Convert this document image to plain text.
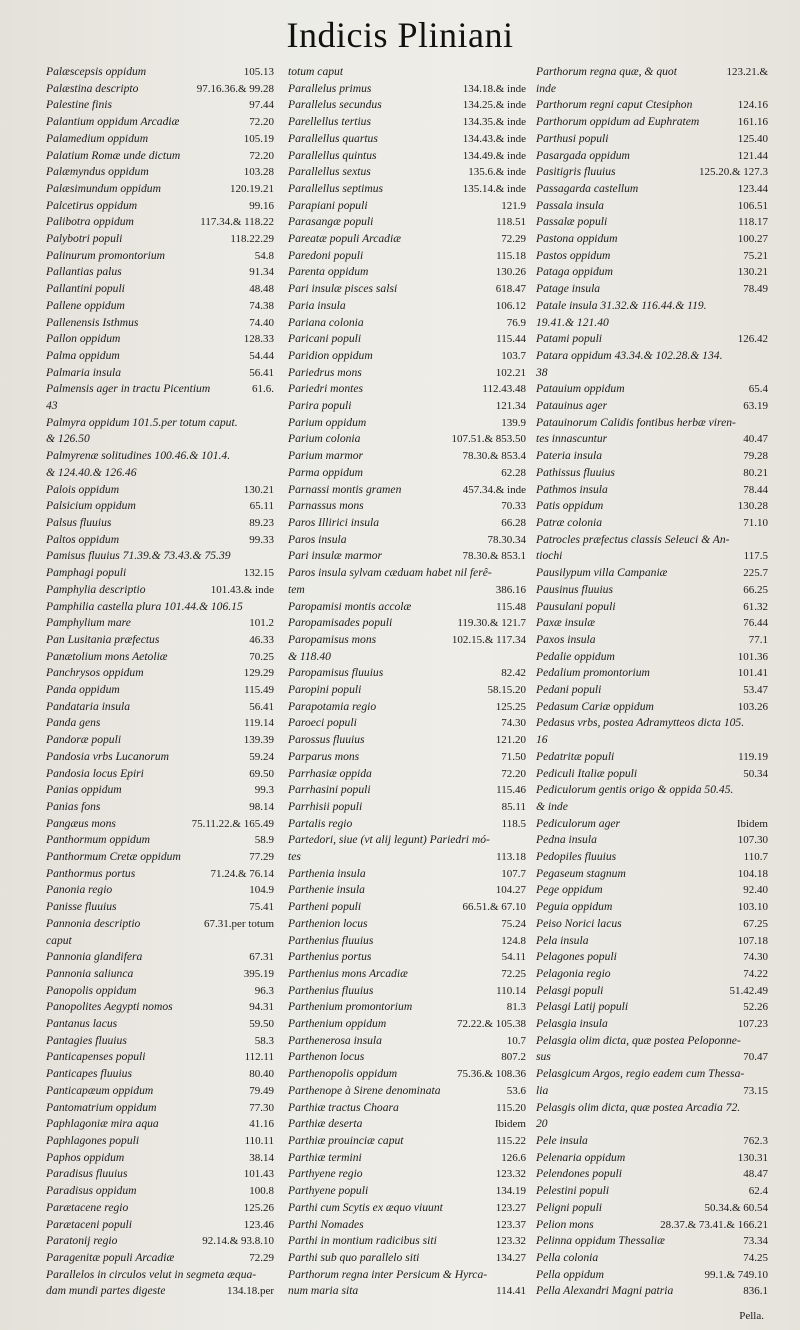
Indicis Pliniani
Palæscepsis oppidum	105.13
Palæstina descripto	97.16.36.& 99.28
Palestine finis	97.44
Palantium oppidum Arcadiæ	72.20
Palamedium oppidum	105.19
Palatium Romæ unde dictum	72.20
Palæmyndus oppidum	103.28
Palæsimundum oppidum	120.19.21
Palcetirus oppidum	99.16
Palibotra oppidum	117.34.& 118.22
Palybotri populi	118.22.29
Palinurum promontorium	54.8
Pallantias palus	91.34
Pallantini populi	48.48
Pallene oppidum	74.38
Pallenensis Isthmus	74.40
Pallon oppidum	128.33
Palma oppidum	54.44
Palmaria insula	56.41
Palmensis ager in tractu Picentium	61.6.
43
Palmyra oppidum 101.5.per totum caput.
& 126.50
Palmyrenæ solitudines 100.46.& 101.4.
& 124.40.& 126.46
Palois oppidum	130.21
Palsicium oppidum	65.11
Palsus fluuius	89.23
Paltos oppidum	99.33
Pamisus fluuius 71.39.& 73.43.& 75.39
Pamphagi populi	132.15
Pamphylia descriptio	101.43.& inde
Pamphilia castella plura 101.44.& 106.15
Pamphylium mare	101.2
Pan Lusitania præfectus	46.33
Panætolium mons Aetoliæ	70.25
Panchrysos oppidum	129.29
Panda oppidum	115.49
Pandataria insula	56.41
Panda gens	119.14
Pandoræ populi	139.39
Pandosia vrbs Lucanorum	59.24
Pandosia locus Epiri	69.50
Panias oppidum	99.3
Panias fons	98.14
Pangæus mons	75.11.22.& 165.49
Panthormum oppidum	58.9
Panthormum Cretæ oppidum	77.29
Panthormus portus	71.24.& 76.14
Panonia regio	104.9
Panisse fluuius	75.41
Pannonia descriptio	67.31.per totum
caput
Pannonia glandifera	67.31
Pannonia saliunca	395.19
Panopolis oppidum	96.3
Panopolites Aegypti nomos	94.31
Pantanus lacus	59.50
Pantagies fluuius	58.3
Panticapenses populi	112.11
Panticapes fluuius	80.40
Panticapæum oppidum	79.49
Pantomatrium oppidum	77.30
Paphlagoniæ mira aqua	41.16
Paphlagones populi	110.11
Paphos oppidum	38.14
Paradisus fluuius	101.43
Paradisus oppidum	100.8
Parætacene regio	125.26
Parætaceni populi	123.46
Paratonij regio	92.14.& 93.8.10
Paragenitæ populi Arcadiæ	72.29
Parallelos in circulos velut in segmeta æqua-
dam mundi partes digeste	134.18.per
totum caput
Parallelus primus	134.18.& inde
Parallelus secundus	134.25.& inde
Parellellus tertius	134.35.& inde
Parallellus quartus	134.43.& inde
Parallellus quintus	134.49.& inde
Parallellus sextus	135.6.& inde
Parallellus septimus	135.14.& inde
Parapiani populi	121.9
Parasangæ populi	118.51
Pareatæ populi Arcadiæ	72.29
Paredoni populi	115.18
Parenta oppidum	130.26
Pari insulæ pisces salsi	618.47
Paria insula	106.12
Pariana colonia	76.9
Paricani populi	115.44
Paridion oppidum	103.7
Pariedrus mons	102.21
Pariedri montes	112.43.48
Parira populi	121.34
Parium oppidum	139.9
Parium colonia	107.51.& 853.50
Parium marmor	78.30.& 853.4
Parma oppidum	62.28
Parnassi montis gramen	457.34.& inde
Parnassus mons	70.33
Paros Illirici insula	66.28
Paros insula	78.30.34
Pari insulæ marmor	78.30.& 853.1
Paros insula sylvam cæduam habet nil ferê-
tem	386.16
Paropamisi montis accolæ	115.48
Paropamisades populi	119.30.& 121.7
Paropamisus mons	102.15.& 117.34
& 118.40
Paropamisus fluuius	82.42
Paropini populi	58.15.20
Parapotamia regio	125.25
Paroeci populi	74.30
Parossus fluuius	121.20
Parparus mons	71.50
Parrhasiæ oppida	72.20
Parrhasini populi	115.46
Parrhisii populi	85.11
Partalis regio	118.5
Partedori, siue (vt alij legunt) Pariedri mó-
tes	113.18
Parthenia insula	107.7
Parthenie insula	104.27
Partheni populi	66.51.& 67.10
Parthenion locus	75.24
Parthenius fluuius	124.8
Parthenius portus	54.11
Parthenius mons Arcadiæ	72.25
Parthenius fluuius	110.14
Parthenium promontorium	81.3
Parthenium oppidum	72.22.& 105.38
Parthenerosa insula	10.7
Parthenon locus	807.2
Parthenopolis oppidum	75.36.& 108.36
Parthenope à Sirene denominata	53.6
Parthiæ tractus Choara	115.20
Parthiæ deserta	Ibidem
Parthiæ prouinciæ caput	115.22
Parthiæ termini	126.6
Parthyene regio	123.32
Parthyene populi	134.19
Parthi cum Scytis ex æquo viuunt	123.27
Parthi Nomades	123.37
Parthi in montium radicibus siti	123.32
Parthi sub quo parallelo siti	134.27
Parthorum regna inter Persicum & Hyrca-
num maria sita	114.41
Parthorum regna quæ, & quot	123.21.&
inde
Parthorum regni caput Ctesiphon	124.16
Parthorum oppidum ad Euphratem	161.16
Parthusi populi	125.40
Pasargada oppidum	121.44
Pasitigris fluuius	125.20.& 127.3
Passagarda castellum	123.44
Passala insula	106.51
Passalæ populi	118.17
Pastona oppidum	100.27
Pastos oppidum	75.21
Pataga oppidum	130.21
Patage insula	78.49
Patale insula 31.32.& 116.44.& 119.
19.41.& 121.40
Patami populi	126.42
Patara oppidum 43.34.& 102.28.& 134.
38
Patauium oppidum	65.4
Patauinus ager	63.19
Patauinorum Calidis fontibus herbæ viren-
tes innascuntur	40.47
Pateria insula	79.28
Pathissus fluuius	80.21
Pathmos insula	78.44
Patis oppidum	130.28
Patræ colonia	71.10
Patrocles præfectus classis Seleuci & An-
tiochi	117.5
Pausilypum villa Campaniæ	225.7
Pausinus fluuius	66.25
Pausulani populi	61.32
Paxæ insulæ	76.44
Paxos insula	77.1
Pedalie oppidum	101.36
Pedalium promontorium	101.41
Pedani populi	53.47
Pedasum Cariæ oppidum	103.26
Pedasus vrbs, postea Adramytteos dicta 105.
16
Pedatritæ populi	119.19
Pediculi Italiæ populi	50.34
Pediculorum gentis origo & oppida 50.45.
& inde
Pediculorum ager	Ibidem
Pedna insula	107.30
Pedopiles fluuius	110.7
Pegaseum stagnum	104.18
Pege oppidum	92.40
Peguia oppidum	103.10
Peiso Norici lacus	67.25
Pela insula	107.18
Pelagones populi	74.30
Pelagonia regio	74.22
Pelasgi populi	51.42.49
Pelasgi Latij populi	52.26
Pelasgia insula	107.23
Pelasgia olim dicta, quæ postea Peloponne-
sus	70.47
Pelasgicum Argos, regio eadem cum Thessa-
lia	73.15
Pelasgis olim dicta, quæ postea Arcadia 72.
20
Pele insula	762.3
Pelenaria oppidum	130.31
Pelendones populi	48.47
Pelestini populi	62.4
Peligni populi	50.34.& 60.54
Pelion mons	28.37.& 73.41.& 166.21
Pelinna oppidum Thessaliæ	73.34
Pella colonia	74.25
Pella oppidum	99.1.& 749.10
Pella Alexandri Magni patria	836.1
Pella.
